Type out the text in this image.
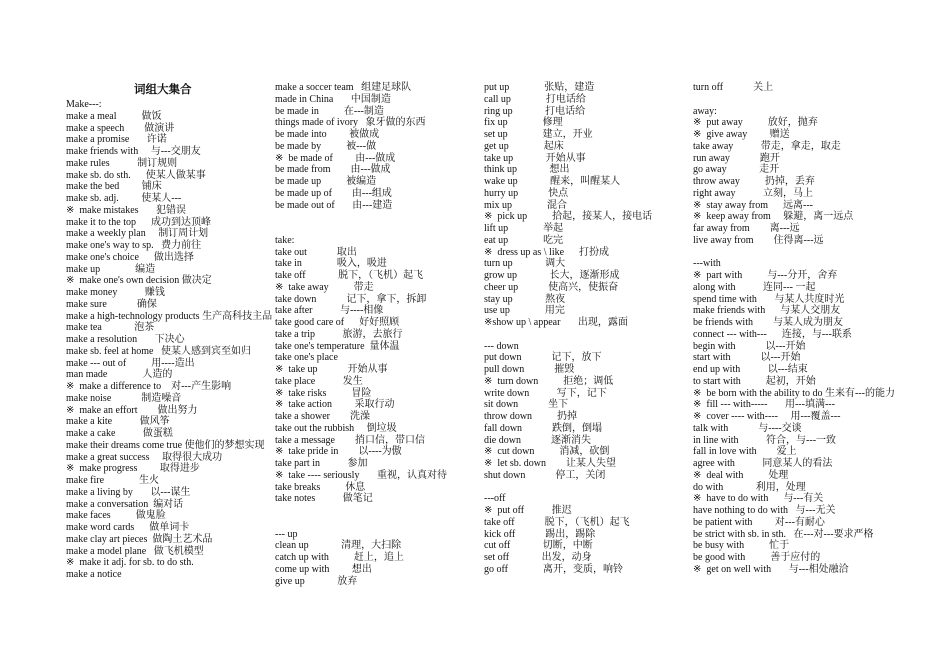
词组大集合
Make---:
make a meal          做饭
make a speech        做演讲
make a promise       许诺
make friends with     与---交朋友
make rules           制订规则
make sb. do sth.      使某人做某事
make the bed         铺床
make sb. adj.         使某人---
※  make mistakes       犯错误
make it to the top      成功到达顶峰
make a weekly plan     制订周计划
make one's way to sp.   费力前往
make one's choice      做出选择
make up              编造
※  make one's own decision 做决定
make money           赚钱
make sure            确保
make a high-technology products 生产高科技主品
make tea             泡茶
make a resolution       下决心
make sb. feel at home   使某人感到宾至如归
make --- out of          用----造出
man made              人造的
※  make a difference to    对---产生影响
make noise            制造噪音
※  make an effort        做出努力
make a kite           做风筝
make a cake           做蛋糕
make their dreams come true 使他们的梦想实现
make a great success     取得很大成功
※  make progress         取得进步
make fire              生火
make a living by       以---谋生
make a conversation  编对话
make faces          做鬼脸
make word cards      做单词卡
make clay art pieces  做陶土艺术品
make a model plane   做飞机模型
※  make it adj. for sb. to do sth.
make a notice
make a soccer team   组建足球队
made in China       中国制造
be made in          在---制造
things made of ivory   象牙做的东西
be made into         被做成
be made by          被---做
※  be made of         由---做成
be made from        由---做成
be made up          被编造
be made up of        由---组成
be made out of       由---建造
take:
take out            取出
take in              吸入，吸进
take off             脱下，（飞机）起飞
※  take away          带走
take down            记下，拿下，拆卸
take after           与----相像
take good care of      好好照顾
take a trip           旅游，去旅行
take one's temperature  量体温
take one's place
※  take up            开始从事
take place           发生
※  take risks          冒险
※  take action         采取行动
take a shower        洗澡
take out the rubbish     倒垃圾
take a message        捎口信，带口信
※  take pride in        以----为傲
take part in           参加
※  take ---- seriously       重视，认真对待
take breaks          休息
take notes           做笔记
--- up
clean up             清理，大扫除
catch up with          赶上，追上
come up with         想出
give up             放弃
put up              张贴，建造
call up              打电话给
ring up             打电话给
fix up              修理
set up              建立，开业
get up              起床
take up             开始从事
think up             想出
wake up             醒来，叫醒某人
hurry up            快点
mix up              混合
※  pick up          拾起，接某人，接电话
lift up              举起
eat up              吃完
※  dress up as \ like      打扮成
turn up             调大
grow up             长大，逐渐形成
cheer up            使高兴，使振奋
stay up             熬夜
use up              用完
※show up \ appear       出现，露面
--- down
put down            记下，放下
pull down            摧毁
※  turn down          拒绝；调低
write down           写下，记下
sit down            坐下
throw down          扔掉
fall down            跌倒，倒塌
die down            逐渐消失
※  cut down          消减，砍倒
※  let sb. down        让某人失望
shut down            停工，关闭
---off
※  put off           推迟
take off            脱下，（飞机）起飞
kick off            踢出，踢除
cut off             切断，中断
set off             出发，动身
go off              离开，变质，响铃
turn off            关上
away:
※  put away          放好，抛弃
※  give away         赠送
take away           带走，拿走，取走
run away            跑开
go away             走开
throw away          扔掉，丢弃
right away           立刻，马上
※  stay away from      远离---
※  keep away from     躲避，离一远点
far away from        离---远
live away from        住得离---远
---with
※  part with          与---分开，舍弃
along with           连同--- 一起
spend time with       与某人共度时光
make friends with      与某人交朋友
be friends with        与某人成为朋友
connect --- with---      连接，与---联系
begin with            以---开始
start with            以---开始
end up with           以---结束
to start with          起初，开始
※  be born with the ability to do 生来有---的能力
※  fill --- with-----       用---填满---
※  cover ---- with----     用---覆盖---
talk with            与----交谈
in line with           符合，与---一致
fall in love with        爱上
agree with           同意某人的看法
※  deal with          处理
do with             利用，处理
※  have to do with      与---有关
have nothing to do with   与---无关
be patient with         对---有耐心
be strict with sb. in sth.   在---对---要求严格
be busy with          忙于
be good with          善于应付的
※  get on well with       与---相处融洽
